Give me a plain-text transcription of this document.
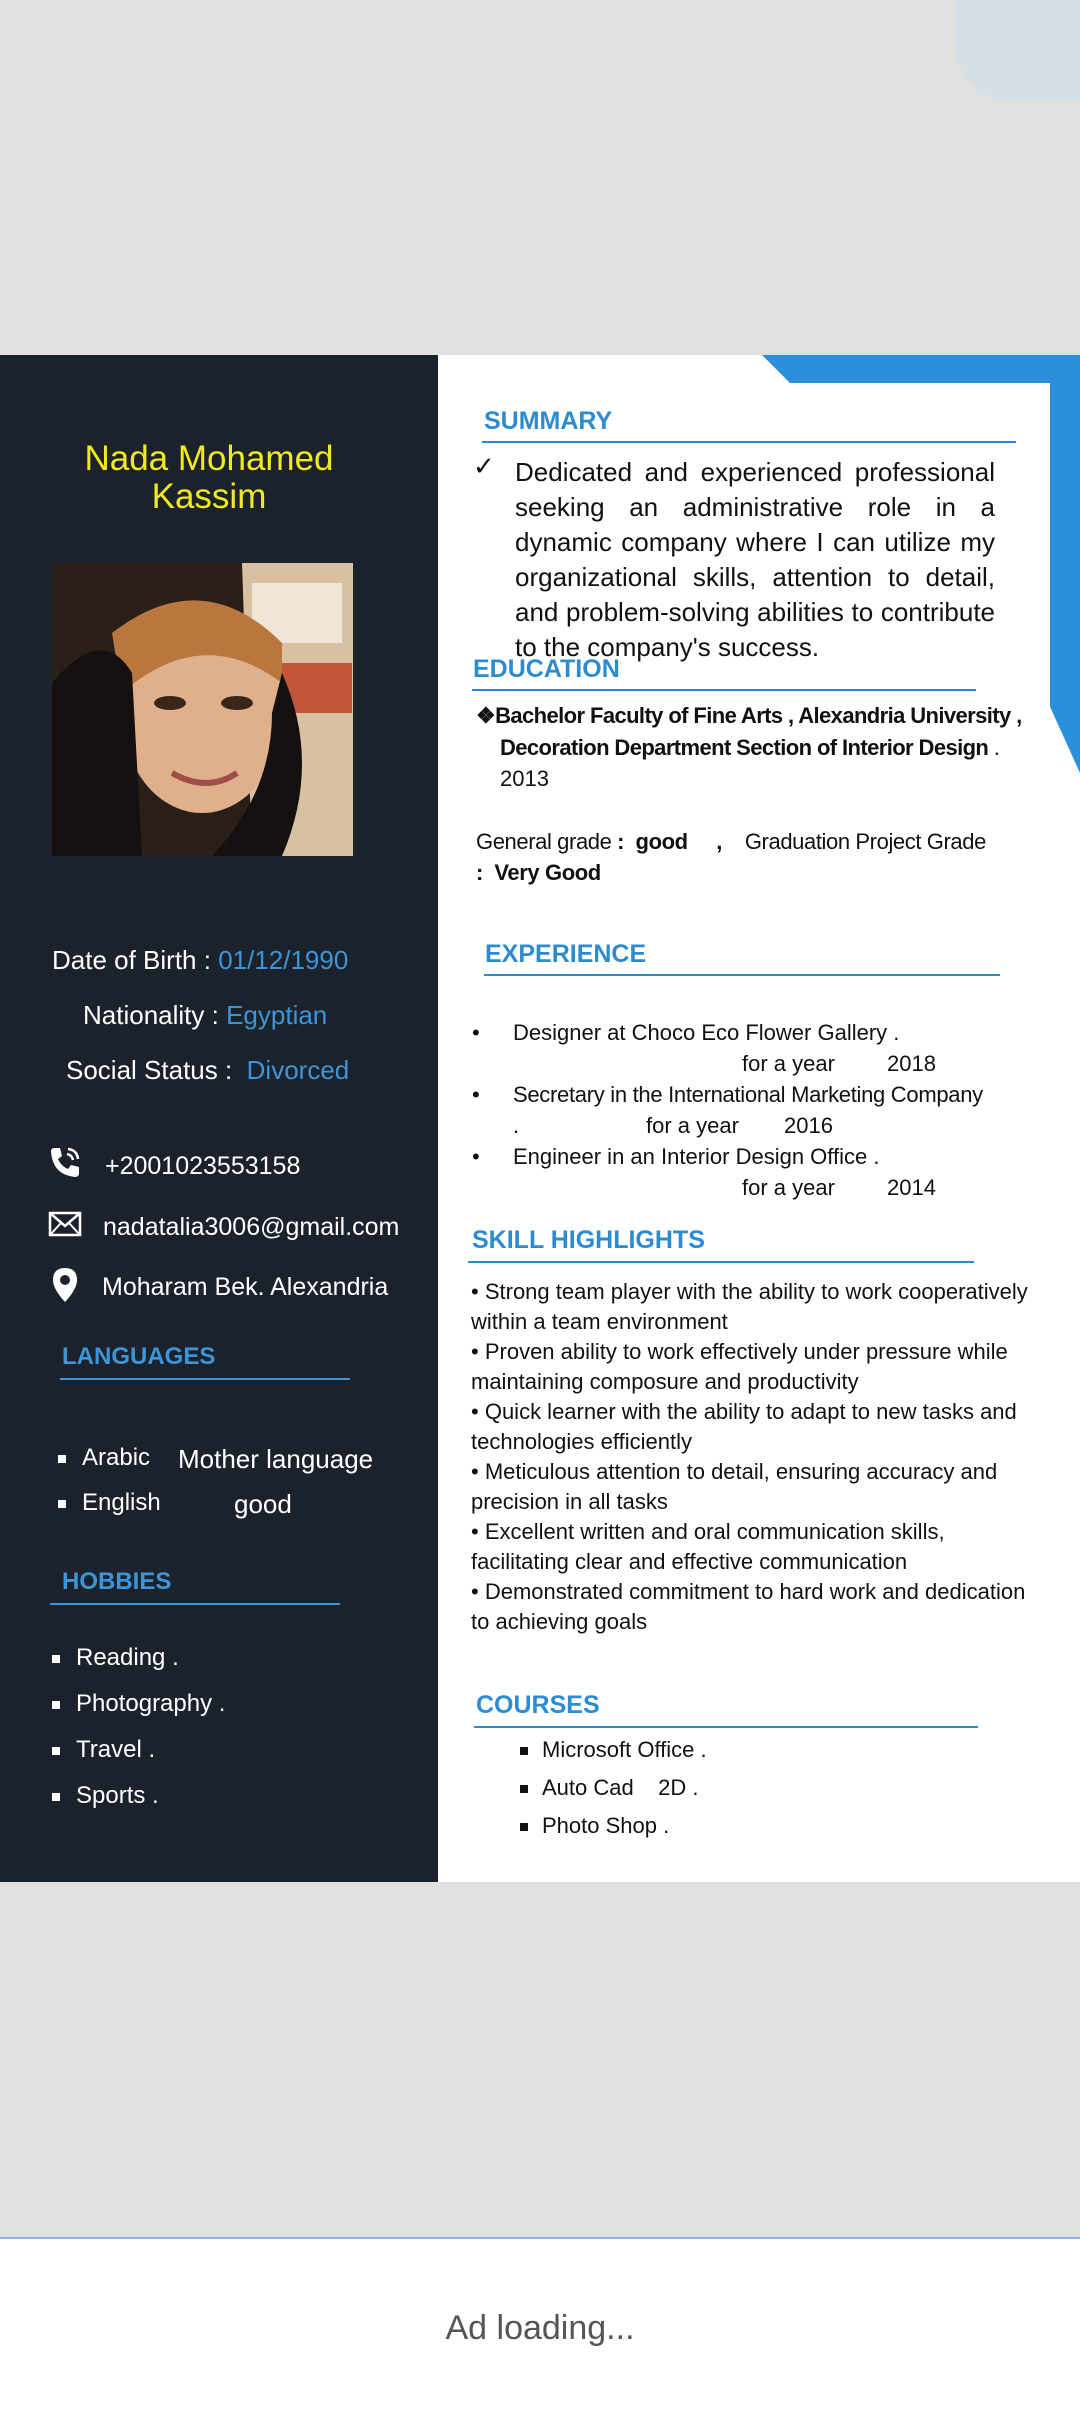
Nada Mohamed
Kassim
Date of Birth : 01/12/1990
Nationality : Egyptian
Social Status :  Divorced
+2001023553158
nadatalia3006@gmail.com
Moharam Bek. Alexandria
LANGUAGES
Arabic Mother language
English	good
HOBBIES
Reading .
Photography .
Travel .
Sports .
SUMMARY
✓ Dedicated and experienced professional seeking an administrative role in a dynamic company where I can utilize my organizational skills, attention to detail, and problem-solving abilities to contribute to the company's success.
EDUCATION
❖Bachelor Faculty of Fine Arts , Alexandria University ,
Decoration Department Section of Interior Design .
2013
General grade : good , Graduation Project Grade
: Very Good
EXPERIENCE
• Designer at Choco Eco Flower Gallery .
for a year 2018
• Secretary in the International Marketing Company
.	for a year 2016
• Engineer in an Interior Design Office .
for a year 2014
SKILL HIGHLIGHTS
• Strong team player with the ability to work cooperatively within a team environment
• Proven ability to work effectively under pressure while maintaining composure and productivity
• Quick learner with the ability to adapt to new tasks and technologies efficiently
• Meticulous attention to detail, ensuring accuracy and precision in all tasks
• Excellent written and oral communication skills, facilitating clear and effective communication
• Demonstrated commitment to hard work and dedication to achieving goals
COURSES
Microsoft Office .
Auto Cad    2D .
Photo Shop .
Ad loading...
